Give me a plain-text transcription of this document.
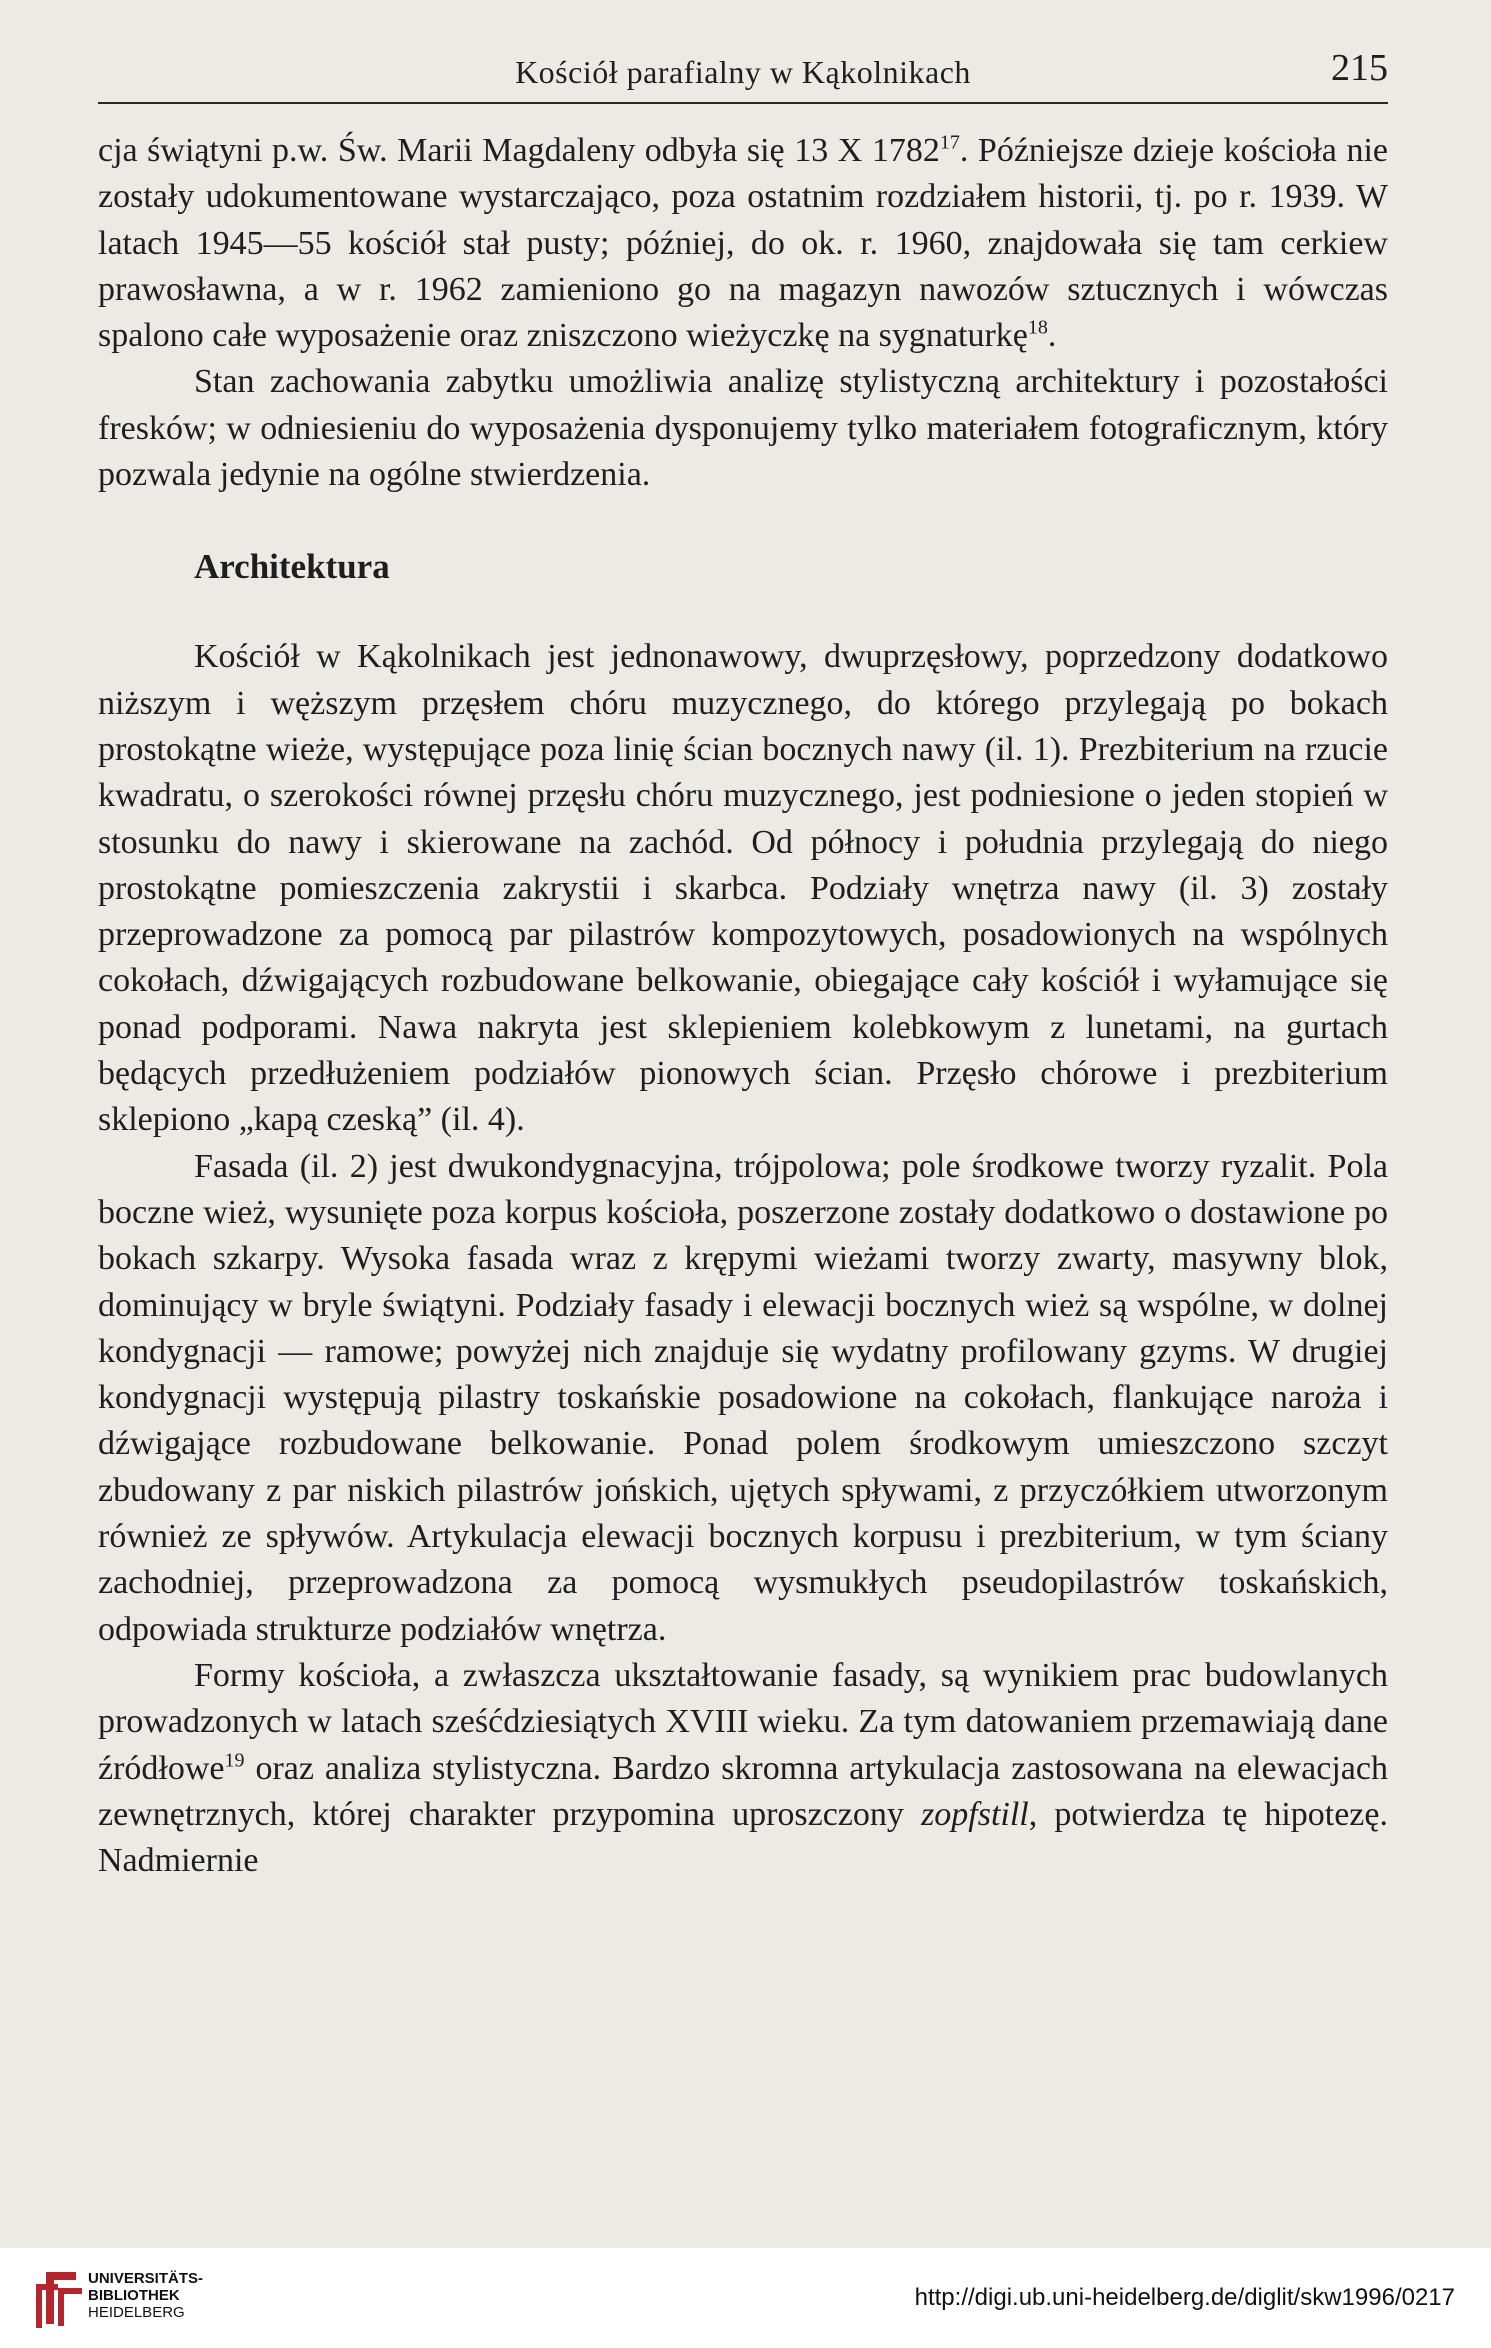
Kościół parafialny w Kąkolnikach	215

cja świątyni p.w. Św. Marii Magdaleny odbyła się 13 X 1782$^{17}$. Późniejsze dzieje kościoła nie zostały udokumentowane wystarczająco, poza ostatnim rozdziałem historii, tj. po r. 1939. W latach 1945—55 kościół stał pusty; później, do ok. r. 1960, znajdowała się tam cerkiew prawosławna, a w r. 1962 zamieniono go na magazyn nawozów sztucznych i wówczas spalono całe wyposażenie oraz zniszczono wieżyczkę na sygnaturkę$^{18}$.

Stan zachowania zabytku umożliwia analizę stylistyczną architektury i pozostałości fresków; w odniesieniu do wyposażenia dysponujemy tylko materiałem fotograficznym, który pozwala jedynie na ogólne stwierdzenia.

Architektura

Kościół w Kąkolnikach jest jednonawowy, dwuprzęsłowy, poprzedzony dodatkowo niższym i węższym przęsłem chóru muzycznego, do którego przylegają po bokach prostokątne wieże, występujące poza linię ścian bocznych nawy (il. 1). Prezbiterium na rzucie kwadratu, o szerokości równej przęsłu chóru muzycznego, jest podniesione o jeden stopień w stosunku do nawy i skierowane na zachód. Od północy i południa przylegają do niego prostokątne pomieszczenia zakrystii i skarbca. Podziały wnętrza nawy (il. 3) zostały przeprowadzone za pomocą par pilastrów kompozytowych, posadowionych na wspólnych cokołach, dźwigających rozbudowane belkowanie, obiegające cały kościół i wyłamujące się ponad podporami. Nawa nakryta jest sklepieniem kolebkowym z lunetami, na gurtach będących przedłużeniem podziałów pionowych ścian. Przęsło chórowe i prezbiterium sklepiono „kapą czeską” (il. 4).

Fasada (il. 2) jest dwukondygnacyjna, trójpolowa; pole środkowe tworzy ryzalit. Pola boczne wież, wysunięte poza korpus kościoła, poszerzone zostały dodatkowo o dostawione po bokach szkarpy. Wysoka fasada wraz z krępymi wieżami tworzy zwarty, masywny blok, dominujący w bryle świątyni. Podziały fasady i elewacji bocznych wież są wspólne, w dolnej kondygnacji — ramowe; powyżej nich znajduje się wydatny profilowany gzyms. W drugiej kondygnacji występują pilastry toskańskie posadowione na cokołach, flankujące naroża i dźwigające rozbudowane belkowanie. Ponad polem środkowym umieszczono szczyt zbudowany z par niskich pilastrów jońskich, ujętych spływami, z przyczółkiem utworzonym również ze spływów. Artykulacja elewacji bocznych korpusu i prezbiterium, w tym ściany zachodniej, przeprowadzona za pomocą wysmukłych pseudopilastrów toskańskich, odpowiada strukturze podziałów wnętrza.

Formy kościoła, a zwłaszcza ukształtowanie fasady, są wynikiem prac budowlanych prowadzonych w latach sześćdziesiątych XVIII wieku. Za tym datowaniem przemawiają dane źródłowe$^{19}$ oraz analiza stylistyczna. Bardzo skromna artykulacja zastosowana na elewacjach zewnętrznych, której charakter przypomina uproszczony zopfstill, potwierdza tę hipotezę. Nadmiernie

UNIVERSITÄTS-
BIBLIOTHEK
HEIDELBERG
http://digi.ub.uni-heidelberg.de/diglit/skw1996/0217
